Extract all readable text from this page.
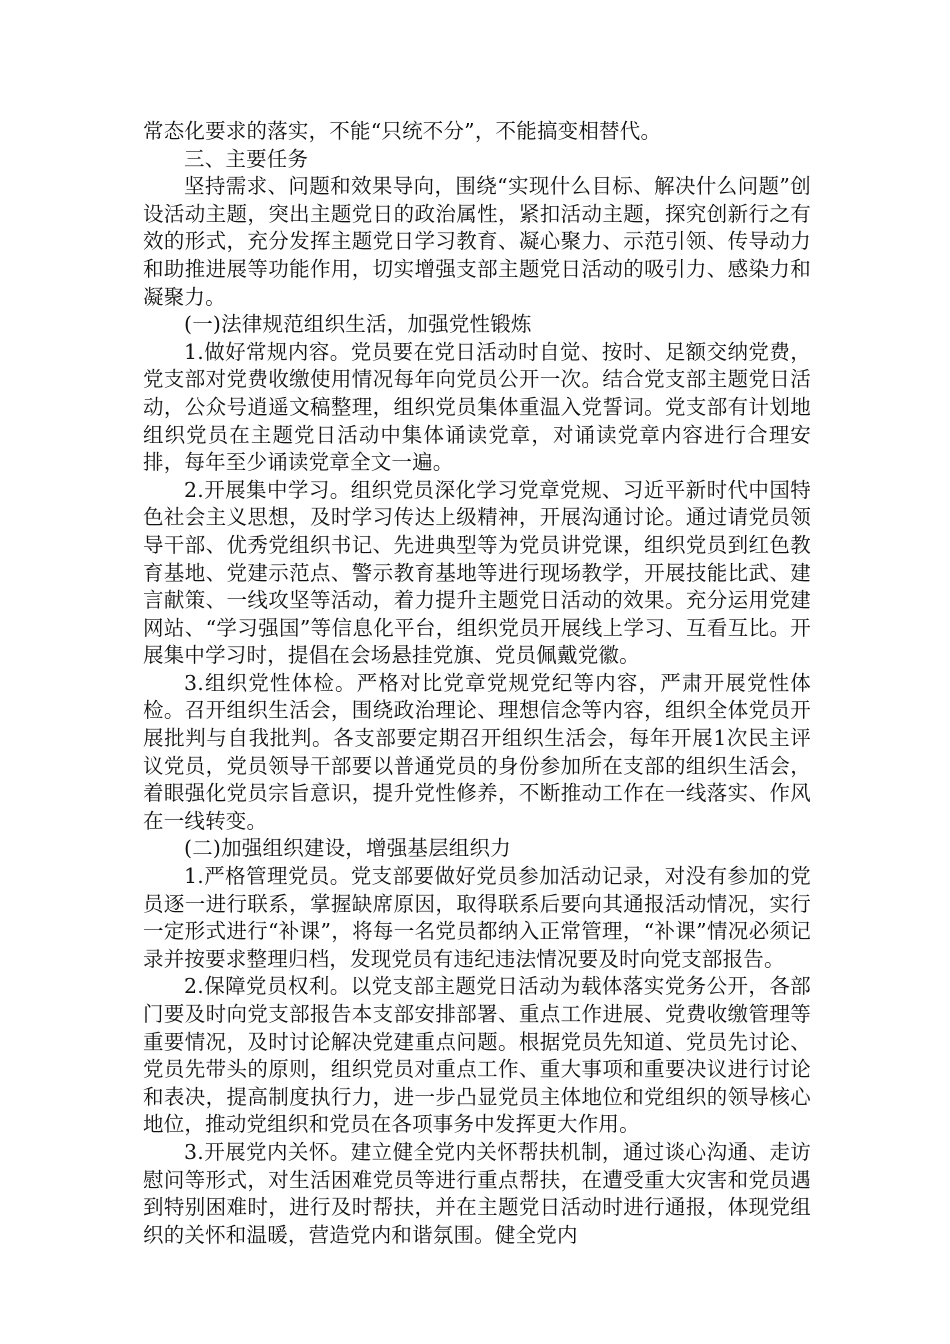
常态化要求的落实，不能“只统不分”，不能搞变相替代。

三、主要任务

坚持需求、问题和效果导向，围绕“实现什么目标、解决什么问题”创设活动主题，突出主题党日的政治属性，紧扣活动主题，探究创新行之有效的形式，充分发挥主题党日学习教育、凝心聚力、示范引领、传导动力和助推进展等功能作用，切实增强支部主题党日活动的吸引力、感染力和凝聚力。

(一)法律规范组织生活，加强党性锻炼

1.做好常规内容。党员要在党日活动时自觉、按时、足额交纳党费，党支部对党费收缴使用情况每年向党员公开一次。结合党支部主题党日活动，公众号逍遥文稿整理，组织党员集体重温入党誓词。党支部有计划地组织党员在主题党日活动中集体诵读党章，对诵读党章内容进行合理安排，每年至少诵读党章全文一遍。

2.开展集中学习。组织党员深化学习党章党规、习近平新时代中国特色社会主义思想，及时学习传达上级精神，开展沟通讨论。通过请党员领导干部、优秀党组织书记、先进典型等为党员讲党课，组织党员到红色教育基地、党建示范点、警示教育基地等进行现场教学，开展技能比武、建言献策、一线攻坚等活动，着力提升主题党日活动的效果。充分运用党建网站、“学习强国”等信息化平台，组织党员开展线上学习、互看互比。开展集中学习时，提倡在会场悬挂党旗、党员佩戴党徽。

3.组织党性体检。严格对比党章党规党纪等内容，严肃开展党性体检。召开组织生活会，围绕政治理论、理想信念等内容，组织全体党员开展批判与自我批判。各支部要定期召开组织生活会，每年开展1次民主评议党员，党员领导干部要以普通党员的身份参加所在支部的组织生活会，着眼强化党员宗旨意识，提升党性修养，不断推动工作在一线落实、作风在一线转变。

(二)加强组织建设，增强基层组织力

1.严格管理党员。党支部要做好党员参加活动记录，对没有参加的党员逐一进行联系，掌握缺席原因，取得联系后要向其通报活动情况，实行一定形式进行“补课”，将每一名党员都纳入正常管理，“补课”情况必须记录并按要求整理归档，发现党员有违纪违法情况要及时向党支部报告。

2.保障党员权利。以党支部主题党日活动为载体落实党务公开，各部门要及时向党支部报告本支部安排部署、重点工作进展、党费收缴管理等重要情况，及时讨论解决党建重点问题。根据党员先知道、党员先讨论、党员先带头的原则，组织党员对重点工作、重大事项和重要决议进行讨论和表决，提高制度执行力，进一步凸显党员主体地位和党组织的领导核心地位，推动党组织和党员在各项事务中发挥更大作用。

3.开展党内关怀。建立健全党内关怀帮扶机制，通过谈心沟通、走访慰问等形式，对生活困难党员等进行重点帮扶，在遭受重大灾害和党员遇到特别困难时，进行及时帮扶，并在主题党日活动时进行通报，体现党组织的关怀和温暖，营造党内和谐氛围。健全党内
